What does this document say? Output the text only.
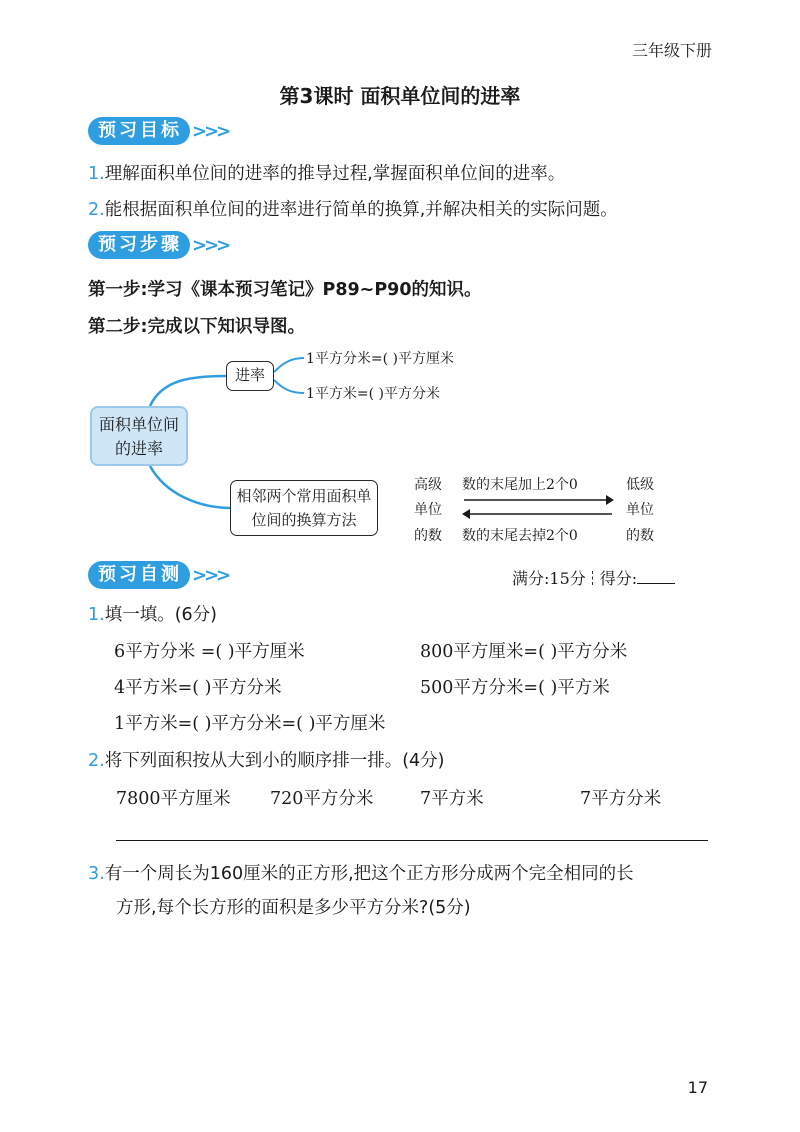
三年级下册
第3课时 面积单位间的进率
预习目标 >>>
1.理解面积单位间的进率的推导过程,掌握面积单位间的进率。
2.能根据面积单位间的进率进行简单的换算,并解决相关的实际问题。
预习步骤 >>>
第一步:学习《课本预习笔记》P89~P90的知识。
第二步:完成以下知识导图。
面积单位间的进率
进率
1平方分米=( )平方厘米
1平方米=( )平方分米
相邻两个常用面积单位间的换算方法
高级
单位
的数
数的末尾加上2个0
数的末尾去掉2个0
低级
单位
的数
预习自测 >>>	满分:15分 得分:
1.填一填。(6分)
6平方分米 =( )平方厘米	800平方厘米=( )平方分米
4平方米=( )平方分米	500平方分米=( )平方米
1平方米=( )平方分米=( )平方厘米
2.将下列面积按从大到小的顺序排一排。(4分)
7800平方厘米 720平方分米	7平方米	7平方分米
3.有一个周长为160厘米的正方形,把这个正方形分成两个完全相同的长
方形,每个长方形的面积是多少平方分米?(5分)
17
